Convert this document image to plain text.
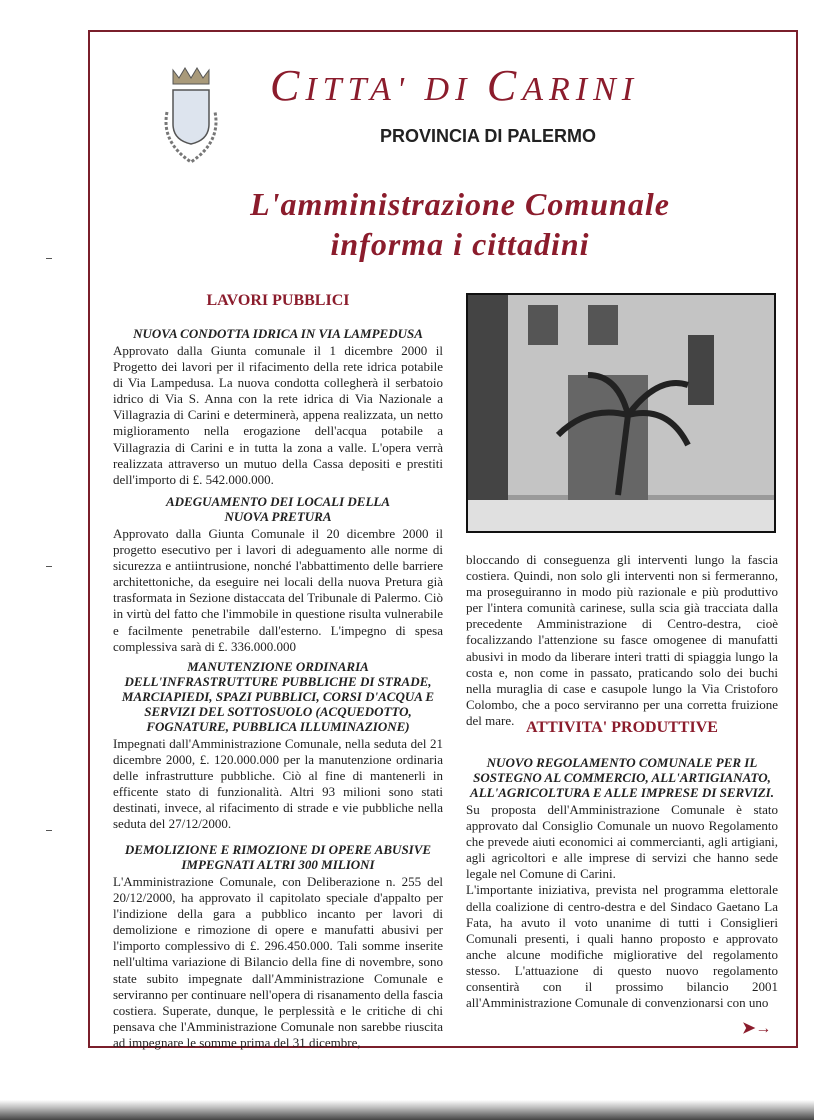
CITTA' DI CARINI
PROVINCIA DI PALERMO
L'amministrazione Comunale
informa i cittadini
LAVORI PUBBLICI
NUOVA CONDOTTA IDRICA IN VIA LAMPEDUSA
Approvato dalla Giunta comunale il 1 dicembre 2000 il Progetto dei lavori per il rifacimento della rete idrica potabile di Via Lampedusa. La nuova condotta collegherà il serbatoio idrico di Via S. Anna con la rete idrica di Via Nazionale a Villagrazia di Carini e determinerà, appena realizzata, un netto miglioramento nella erogazione dell'acqua potabile a Villagrazia di Carini e in tutta la zona a valle. L'opera verrà realizzata attraverso un mutuo della Cassa depositi e prestiti dell'importo di £. 542.000.000.
ADEGUAMENTO DEI LOCALI DELLA NUOVA PRETURA
Approvato dalla Giunta Comunale il 20 dicembre 2000 il progetto esecutivo per i lavori di adeguamento alle norme di sicurezza e antiintrusione, nonché l'abbattimento delle barriere architettoniche, da eseguire nei locali della nuova Pretura già trasformata in Sezione distaccata del Tribunale di Palermo. Ciò in virtù del fatto che l'immobile in questione risulta vulnerabile e facilmente penetrabile dall'esterno. L'impegno di spesa complessiva sarà di £. 336.000.000
MANUTENZIONE ORDINARIA DELL'INFRASTRUTTURE PUBBLICHE DI STRADE, MARCIAPIEDI, SPAZI PUBBLICI, CORSI D'ACQUA E SERVIZI DEL SOTTOSUOLO (ACQUEDOTTO, FOGNATURE, PUBBLICA ILLUMINAZIONE)
Impegnati dall'Amministrazione Comunale, nella seduta del 21 dicembre 2000, £. 120.000.000 per la manutenzione ordinaria delle infrastrutture pubbliche. Ciò al fine di mantenerli in efficente stato di funzionalità. Altri 93 milioni sono stati destinati, invece, al rifacimento di strade e vie pubbliche nella seduta del 27/12/2000.
DEMOLIZIONE E RIMOZIONE DI OPERE ABUSIVE IMPEGNATI ALTRI 300 MILIONI
L'Amministrazione Comunale, con Deliberazione n. 255 del 20/12/2000, ha approvato il capitolato speciale d'appalto per l'indizione della gara a pubblico incanto per lavori di demolizione e rimozione di opere e manufatti abusivi per l'importo complessivo di £. 296.450.000. Tali somme inserite nell'ultima variazione di Bilancio della fine di novembre, sono state subito impegnate dall'Amministrazione Comunale e serviranno per continuare nell'opera di risanamento della fascia costiera. Superate, dunque, le perplessità e le critiche di chi pensava che l'Amministrazione Comunale non sarebbe riuscita ad impegnare le somme prima del 31 dicembre,
bloccando di conseguenza gli interventi lungo la fascia costiera. Quindi, non solo gli interventi non si fermeranno, ma proseguiranno in modo più razionale e più produttivo per l'intera comunità carinese, sulla scia già tracciata dalla precedente Amministrazione di Centro-destra, cioè focalizzando l'attenzione su fasce omogenee di manufatti abusivi in modo da liberare interi tratti di spiaggia lungo la costa e, non come in passato, praticando solo dei buchi nella muraglia di case e casupole lungo la Via Cristoforo Colombo, che a poco serviranno per una corretta fruizione del mare. ATTIVITA' PRODUTTIVE
NUOVO REGOLAMENTO COMUNALE PER IL SOSTEGNO AL COMMERCIO, ALL'ARTIGIANATO, ALL'AGRICOLTURA E ALLE IMPRESE DI SERVIZI.
Su proposta dell'Amministrazione Comunale è stato approvato dal Consiglio Comunale un nuovo Regolamento che prevede aiuti economici ai commercianti, agli artigiani, agli agricoltori e alle imprese di servizi che hanno sede legale nel Comune di Carini.
L'importante iniziativa, prevista nel programma elettorale della coalizione di centro-destra e del Sindaco Gaetano La Fata, ha avuto il voto unanime di tutti i Consiglieri Comunali presenti, i quali hanno proposto e approvato anche alcune modifiche migliorative del regolamento stesso. L'attuazione di questo nuovo regolamento consentirà con il prossimo bilancio 2001 all'Amministrazione Comunale di convenzionarsi con uno
➤→
